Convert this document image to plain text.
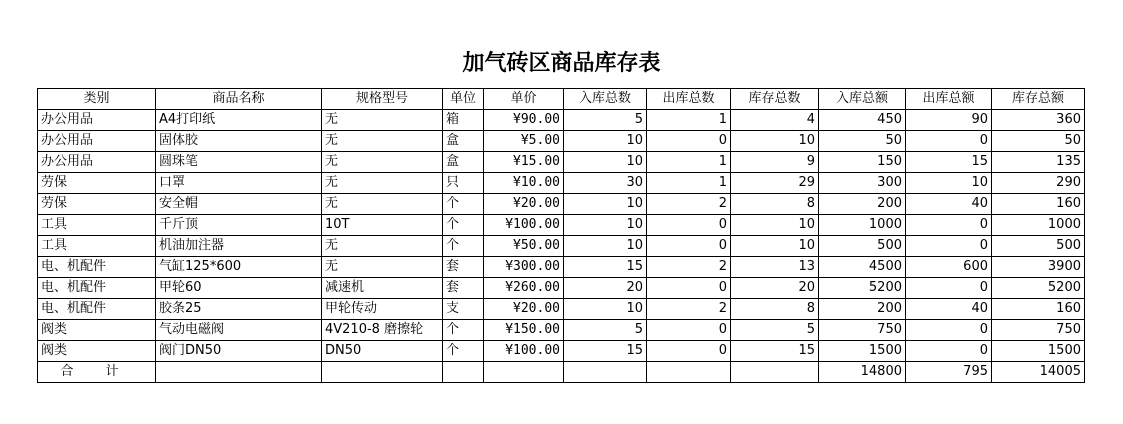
加气砖区商品库存表
类别	商品名称	规格型号	单位	单价	入库总数	出库总数	库存总数	入库总额	出库总额	库存总额
办公用品	A4打印纸	无	箱	¥90.00	5	1	4	450	90	360
办公用品	固体胶	无	盒	¥5.00	10	0	10	50	0	50
办公用品	圆珠笔	无	盒	¥15.00	10	1	9	150	15	135
劳保	口罩	无	只	¥10.00	30	1	29	300	10	290
劳保	安全帽	无	个	¥20.00	10	2	8	200	40	160
工具	千斤顶	10T	个	¥100.00	10	0	10	1000	0	1000
工具	机油加注器	无	个	¥50.00	10	0	10	500	0	500
电、机配件	气缸125*600	无	套	¥300.00	15	2	13	4500	600	3900
电、机配件	甲轮60	减速机	套	¥260.00	20	0	20	5200	0	5200
电、机配件	胶条25	甲轮传动	支	¥20.00	10	2	8	200	40	160
阀类	气动电磁阀	4V210-8 磨擦轮	个	¥150.00	5	0	5	750	0	750
阀类	阀门DN50	DN50	个	¥100.00	15	0	15	1500	0	1500
合 计								14800	795	14005
